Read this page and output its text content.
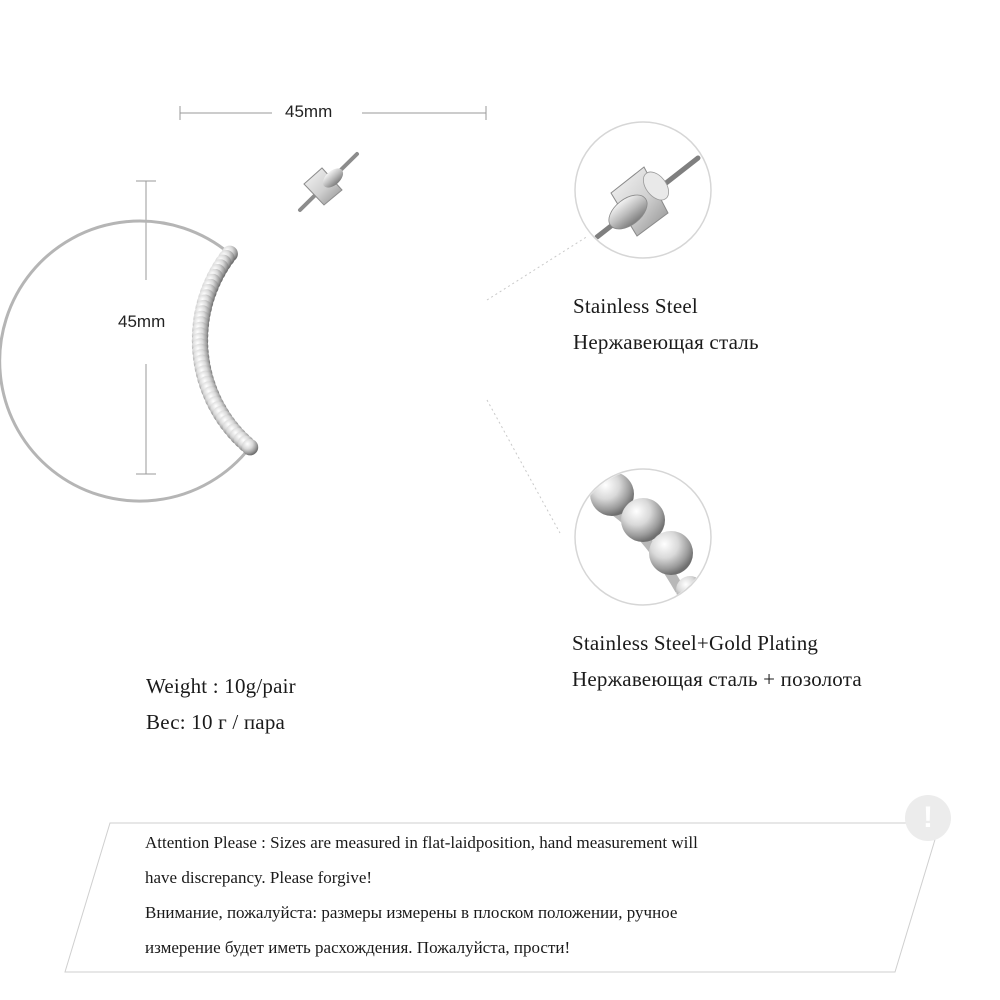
45mm
45mm
Stainless Steel
Нержавеющая сталь
Stainless Steel+Gold Plating
Нержавеющая сталь + позолота
Weight : 10g/pair
Вес: 10 г / пара
!
Attention Please : Sizes are measured in flat-laidposition, hand measurement will
have discrepancy. Please forgive!
Внимание, пожалуйста: размеры измерены в плоском положении, ручное
измерение будет иметь расхождения. Пожалуйста, прости!
